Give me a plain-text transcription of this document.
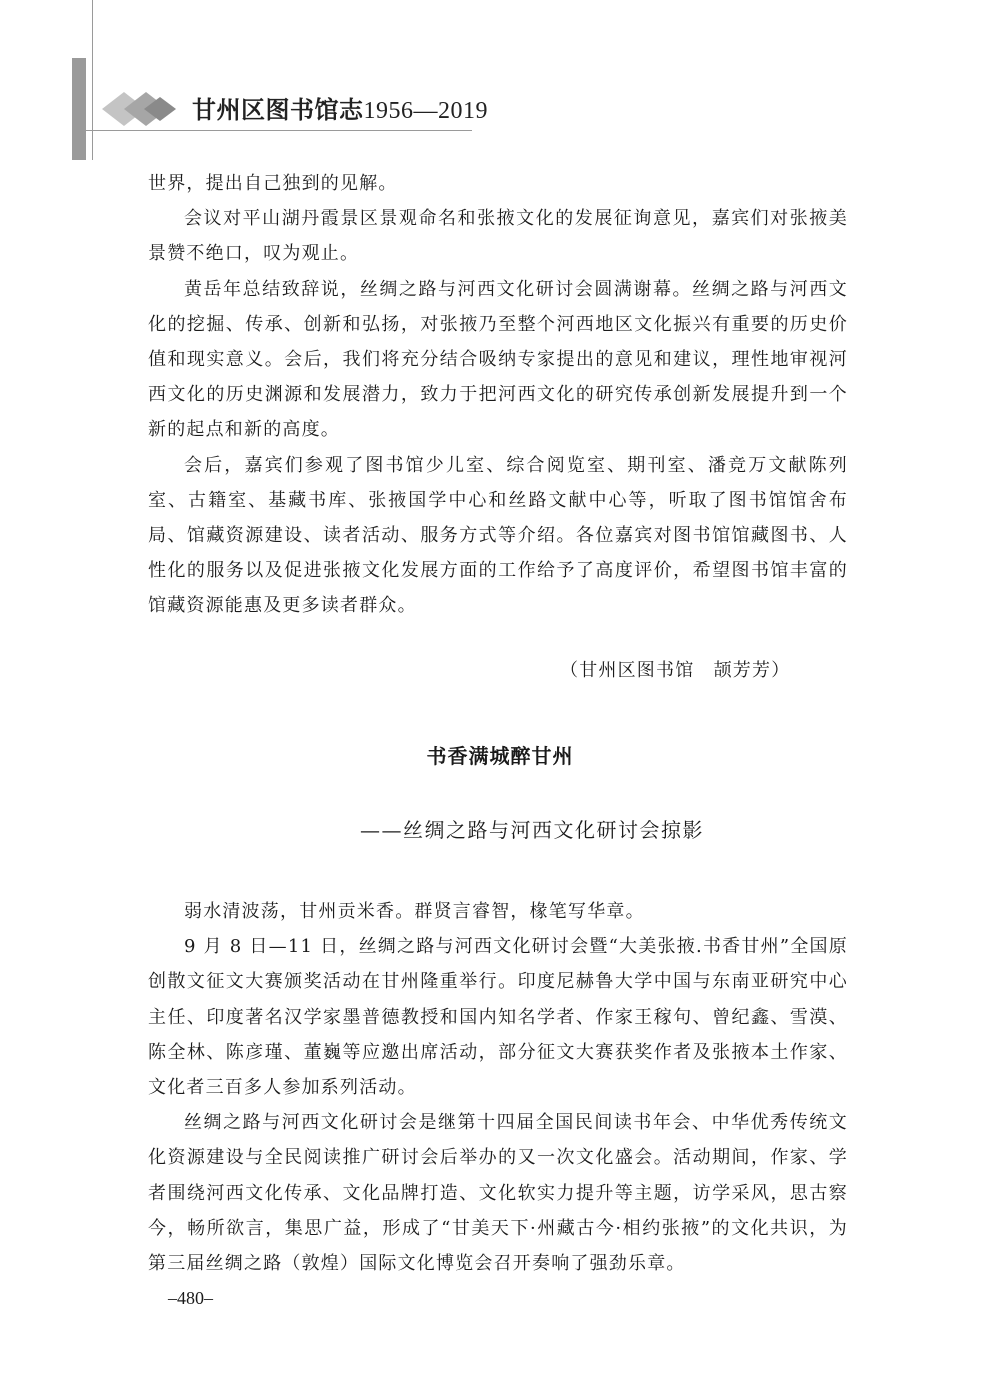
甘州区图书馆志1956—2019

世界，提出自己独到的见解。

会议对平山湖丹霞景区景观命名和张掖文化的发展征询意见，嘉宾们对张掖美景赞不绝口，叹为观止。

黄岳年总结致辞说，丝绸之路与河西文化研讨会圆满谢幕。丝绸之路与河西文化的挖掘、传承、创新和弘扬，对张掖乃至整个河西地区文化振兴有重要的历史价值和现实意义。会后，我们将充分结合吸纳专家提出的意见和建议，理性地审视河西文化的历史渊源和发展潜力，致力于把河西文化的研究传承创新发展提升到一个新的起点和新的高度。

会后，嘉宾们参观了图书馆少儿室、综合阅览室、期刊室、潘竞万文献陈列室、古籍室、基藏书库、张掖国学中心和丝路文献中心等，听取了图书馆馆舍布局、馆藏资源建设、读者活动、服务方式等介绍。各位嘉宾对图书馆馆藏图书、人性化的服务以及促进张掖文化发展方面的工作给予了高度评价，希望图书馆丰富的馆藏资源能惠及更多读者群众。

（甘州区图书馆　颉芳芳）
书香满城醉甘州
——丝绸之路与河西文化研讨会掠影

弱水清波荡，甘州贡米香。群贤言睿智，椽笔写华章。

9 月 8 日—11 日，丝绸之路与河西文化研讨会暨“大美张掖.书香甘州”全国原创散文征文大赛颁奖活动在甘州隆重举行。印度尼赫鲁大学中国与东南亚研究中心主任、印度著名汉学家墨普德教授和国内知名学者、作家王稼句、曾纪鑫、雪漠、陈全林、陈彦瑾、董巍等应邀出席活动，部分征文大赛获奖作者及张掖本土作家、文化者三百多人参加系列活动。

丝绸之路与河西文化研讨会是继第十四届全国民间读书年会、中华优秀传统文化资源建设与全民阅读推广研讨会后举办的又一次文化盛会。活动期间，作家、学者围绕河西文化传承、文化品牌打造、文化软实力提升等主题，访学采风，思古察今，畅所欲言，集思广益，形成了“甘美天下·州藏古今·相约张掖”的文化共识，为第三届丝绸之路（敦煌）国际文化博览会召开奏响了强劲乐章。

–480–
